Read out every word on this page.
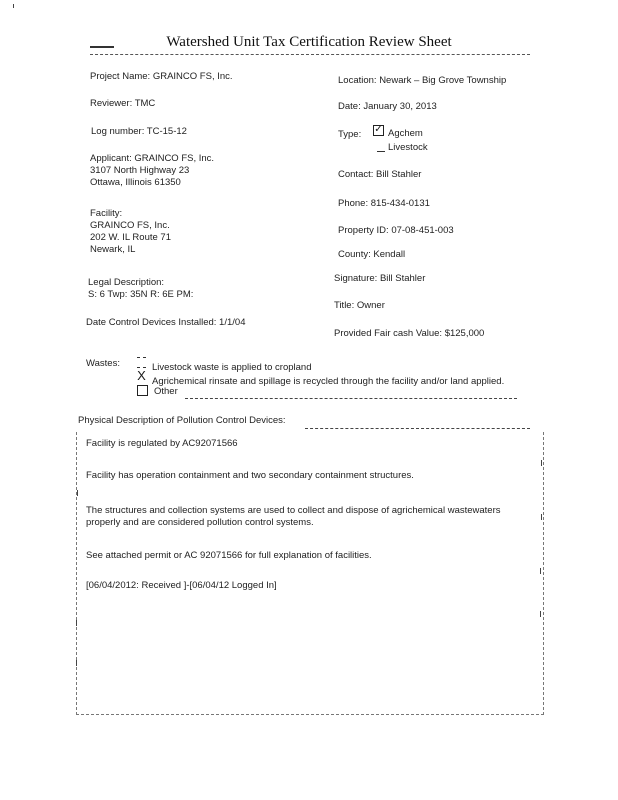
Watershed Unit Tax Certification Review Sheet
Project Name: GRAINCO FS, Inc.
Reviewer: TMC
Log number: TC-15-12
Applicant: GRAINCO FS, Inc.
3107 North Highway 23
Ottawa, Illinois 61350
Facility:
GRAINCO FS, Inc.
202 W. IL Route 71
Newark, IL
Legal Description:
S: 6 Twp: 35N R: 6E PM:
Date Control Devices Installed: 1/1/04
Location: Newark – Big Grove Township
Date: January 30, 2013
Type: ✓ Agchem
Livestock
Contact: Bill Stahler
Phone: 815-434-0131
Property ID: 07-08-451-003
County: Kendall
Signature: Bill Stahler
Title: Owner
Provided Fair cash Value: $125,000
Wastes:	Livestock waste is applied to cropland
X Agrichemical rinsate and spillage is recycled through the facility and/or land applied.
Other
Physical Description of Pollution Control Devices:
Facility is regulated by AC92071566
Facility has operation containment and two secondary containment structures.
The structures and collection systems are used to collect and dispose of agrichemical wastewaters
properly and are considered pollution control systems.
See attached permit or AC 92071566 for full explanation of facilities.
[06/04/2012: Received ]-[06/04/12 Logged In]
